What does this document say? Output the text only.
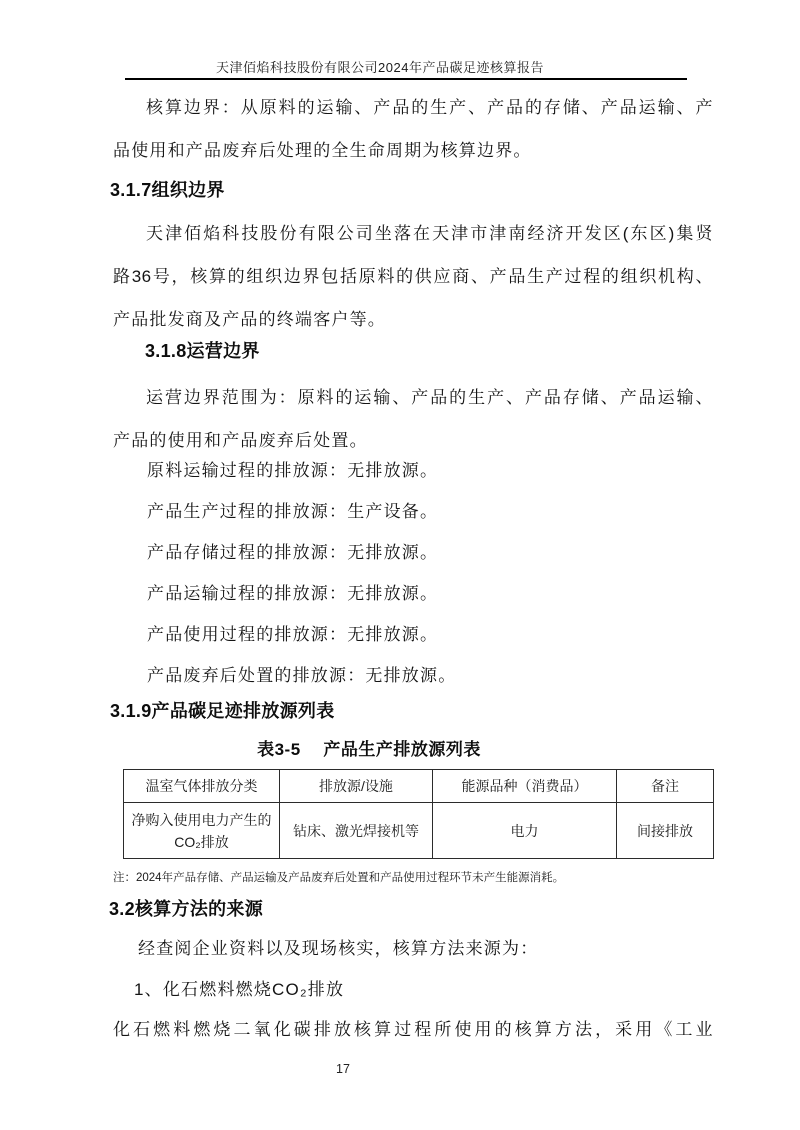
天津佰焰科技股份有限公司2024年产品碳足迹核算报告
核算边界：从原料的运输、产品的生产、产品的存储、产品运输、产
品使用和产品废弃后处理的全生命周期为核算边界。
3.1.7组织边界
天津佰焰科技股份有限公司坐落在天津市津南经济开发区(东区)集贤
路36号，核算的组织边界包括原料的供应商、产品生产过程的组织机构、
产品批发商及产品的终端客户等。
3.1.8运营边界
运营边界范围为：原料的运输、产品的生产、产品存储、产品运输、
产品的使用和产品废弃后处置。
原料运输过程的排放源：无排放源。
产品生产过程的排放源：生产设备。
产品存储过程的排放源：无排放源。
产品运输过程的排放源：无排放源。
产品使用过程的排放源：无排放源。
产品废弃后处置的排放源：无排放源。
3.1.9产品碳足迹排放源列表
表3-5　 产品生产排放源列表
温室气体排放分类	排放源/设施	能源品种（消费品）	备注

净购入使用电力产生的
CO₂排放	钻床、激光焊接机等	电力	间接排放
注：2024年产品存储、产品运输及产品废弃后处置和产品使用过程环节未产生能源消耗。
3.2核算方法的来源
经查阅企业资料以及现场核实，核算方法来源为：
1、化石燃料燃烧CO₂排放
化石燃料燃烧二氧化碳排放核算过程所使用的核算方法，采用《工业
17
